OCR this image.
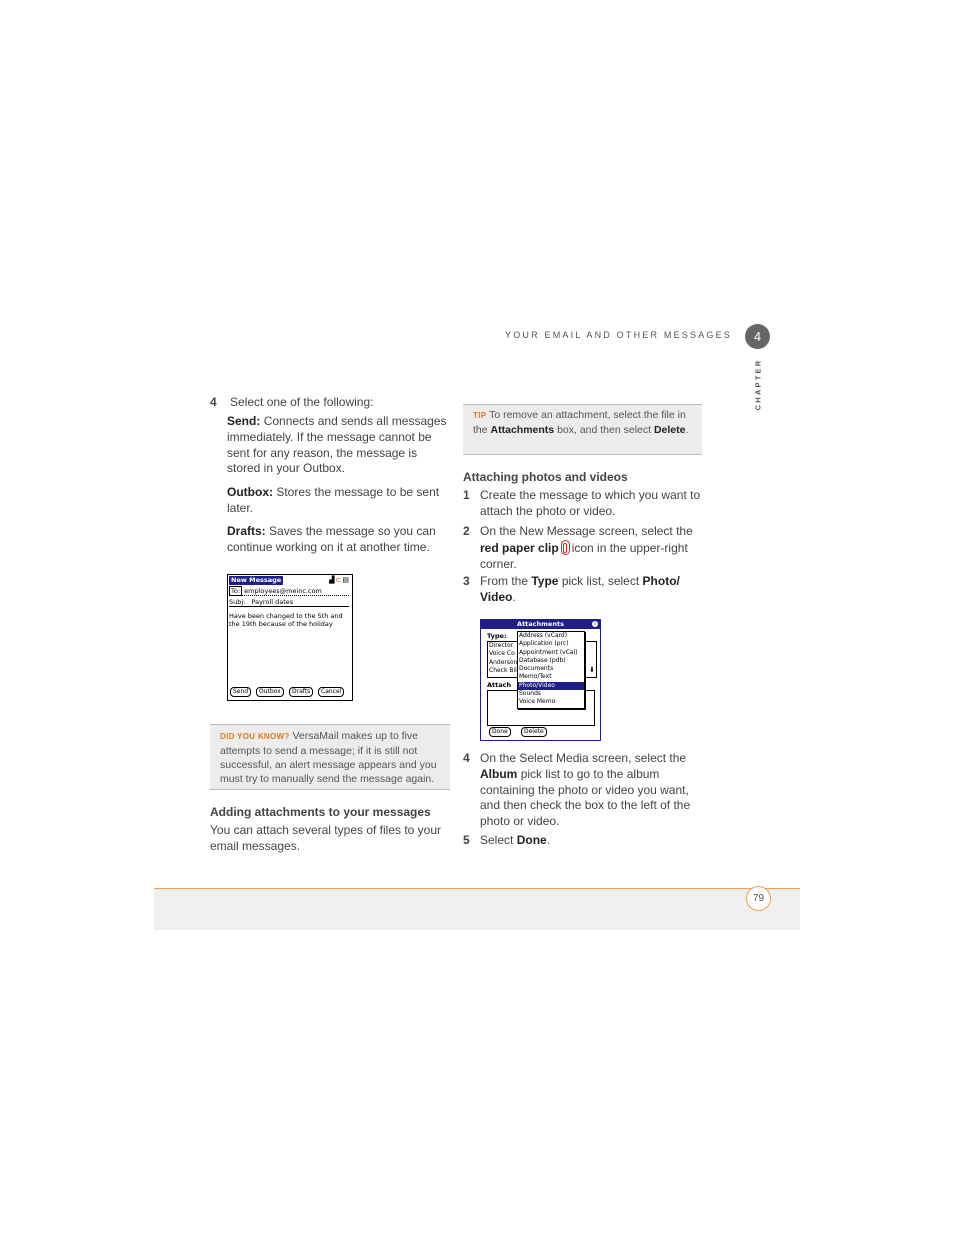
YOUR EMAIL AND OTHER MESSAGES	4
CHAPTER
4 Select one of the following:
Send: Connects and sends all messages immediately. If the message cannot be sent for any reason, the message is stored in your Outbox.
Outbox: Stores the message to be sent later.
Drafts: Saves the message so you can continue working on it at another time.
New Message	▟⊂▤
To: employees@meinc.com
Subj: Payroll dates
Have been changed to the 5th and the 19th because of the holiday
Send	Outbox	Drafts	Cancel
DID YOU KNOW? VersaMail makes up to five attempts to send a message; if it is still not successful, an alert message appears and you must try to manually send the message again.
Adding attachments to your messages
You can attach several types of files to your email messages.
TIP To remove an attachment, select the file in the Attachments box, and then select Delete.
Attaching photos and videos
1 Create the message to which you want to attach the photo or video.
2 On the New Message screen, select the red paper clip icon in the upper-right corner.
3 From the Type pick list, select Photo/ Video.
Attachments	i
Type:
Director
Voice Co
Anderson
Check Bil	⬇
Attach
Done	Delete
Address (vCard)
Application (prc)
Appointment (vCal)
Database (pdb)
Documents
Memo/Text
Photo/Video
Sounds
Voice Memo
4 On the Select Media screen, select the Album pick list to go to the album containing the photo or video you want, and then check the box to the left of the photo or video.
5 Select Done.
79
